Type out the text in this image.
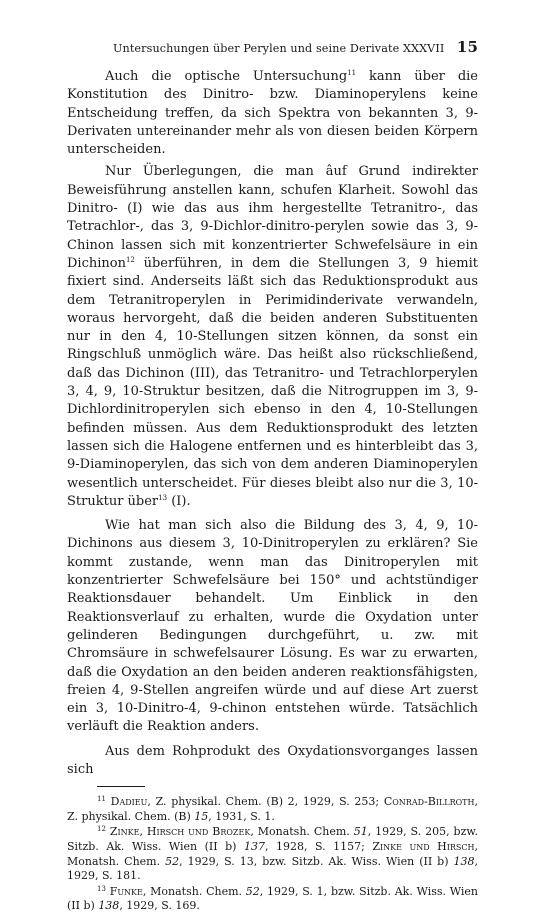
Untersuchungen über Perylen und seine Derivate XXXVII 15

Auch die optische Untersuchung$^{11}$ kann über die Konstitution des Dinitro- bzw. Diaminoperylens keine Entscheidung treffen, da sich Spektra von bekannten 3, 9-Derivaten untereinander mehr als von diesen beiden Körpern unterscheiden.

Nur Überlegungen, die man âuf Grund indirekter Beweisführung anstellen kann, schufen Klarheit. Sowohl das Dinitro- (I) wie das aus ihm hergestellte Tetranitro-, das Tetrachlor-, das 3, 9-Dichlor-dinitro-perylen sowie das 3, 9-Chinon lassen sich mit konzentrierter Schwefelsäure in ein Dichinon$^{12}$ überführen, in dem die Stellungen 3, 9 hiemit fixiert sind. Anderseits läßt sich das Reduktionsprodukt aus dem Tetranitroperylen in Perimidinderivate verwandeln, woraus hervorgeht, daß die beiden anderen Substituenten nur in den 4, 10-Stellungen sitzen können, da sonst ein Ringschluß unmöglich wäre. Das heißt also rückschließend, daß das Dichinon (III), das Tetranitro- und Tetrachlorperylen 3, 4, 9, 10-Struktur besitzen, daß die Nitrogruppen im 3, 9-Dichlordinitroperylen sich ebenso in den 4, 10-Stellungen befinden müssen. Aus dem Reduktionsprodukt des letzten lassen sich die Halogene entfernen und es hinterbleibt das 3, 9-Diaminoperylen, das sich von dem anderen Diaminoperylen wesentlich unterscheidet. Für dieses bleibt also nur die 3, 10-Struktur über$^{13}$ (I).

Wie hat man sich also die Bildung des 3, 4, 9, 10-Dichinons aus diesem 3, 10-Dinitroperylen zu erklären? Sie kommt zustande, wenn man das Dinitroperylen mit konzentrierter Schwefelsäure bei 150° und achtstündiger Reaktionsdauer behandelt. Um Einblick in den Reaktionsverlauf zu erhalten, wurde die Oxydation unter gelinderen Bedingungen durchgeführt, u. zw. mit Chromsäure in schwefelsaurer Lösung. Es war zu erwarten, daß die Oxydation an den beiden anderen reaktionsfähigsten, freien 4, 9-Stellen angreifen würde und auf diese Art zuerst ein 3, 10-Dinitro-4, 9-chinon entstehen würde. Tatsächlich verläuft die Reaktion anders.

Aus dem Rohprodukt des Oxydationsvorganges lassen sich

$^{11}$ Dadieu, Z. physikal. Chem. (B) 2, 1929, S. 253; Conrad-Billroth, Z. physikal. Chem. (B) 15, 1931, S. 1.

$^{12}$ Zinke, Hirsch und Brozek, Monatsh. Chem. 51, 1929, S. 205, bzw. Sitzb. Ak. Wiss. Wien (II b) 137, 1928, S. 1157; Zinke und Hirsch, Monatsh. Chem. 52, 1929, S. 13, bzw. Sitzb. Ak. Wiss. Wien (II b) 138, 1929, S. 181.

$^{13}$ Funke, Monatsh. Chem. 52, 1929, S. 1, bzw. Sitzb. Ak. Wiss. Wien (II b) 138, 1929, S. 169.
